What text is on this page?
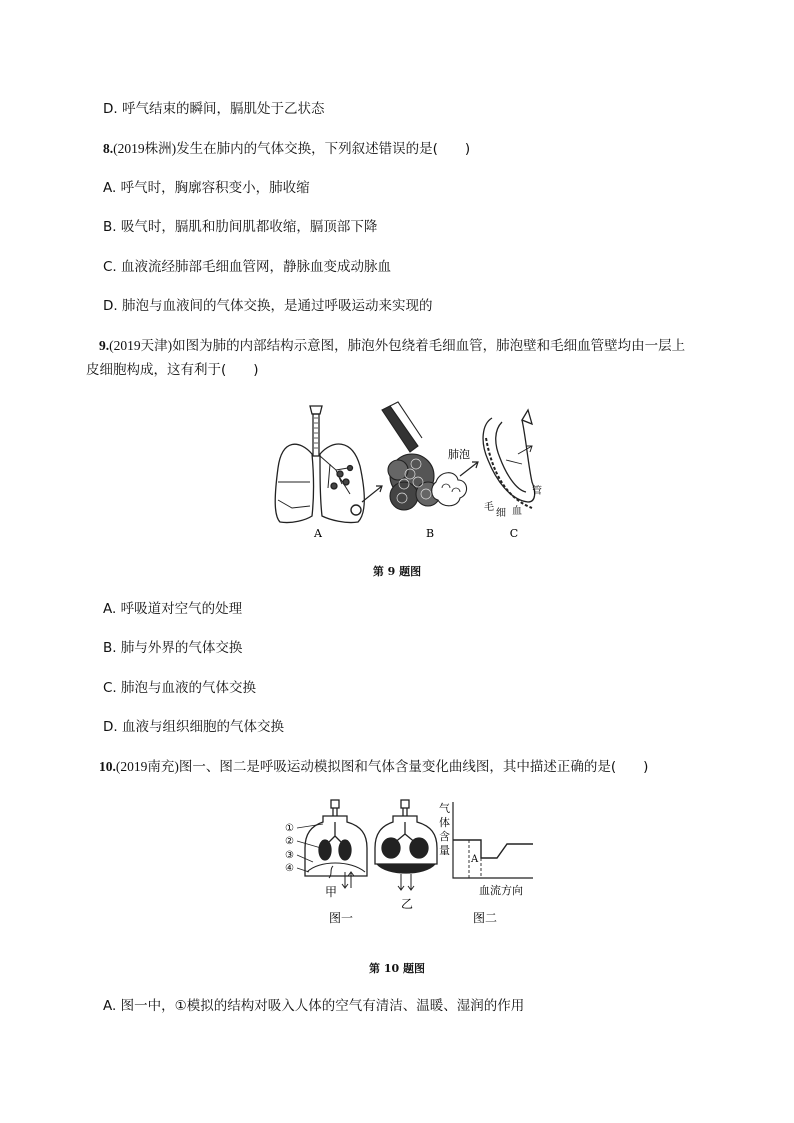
D. 呼气结束的瞬间，膈肌处于乙状态
8.(2019株洲)发生在肺内的气体交换，下列叙述错误的是(　　)
A. 呼气时，胸廓容积变小，肺收缩
B. 吸气时，膈肌和肋间肌都收缩，膈顶部下降
C. 血液流经肺部毛细血管网，静脉血变成动脉血
D. 肺泡与血液间的气体交换，是通过呼吸运动来实现的
9.(2019天津)如图为肺的内部结构示意图，肺泡外包绕着毛细血管，肺泡壁和毛细血管壁均由一层上
皮细胞构成，这有利于(　　)
A
肺泡
B
毛
细 血
管
C
第 9 题图
A. 呼吸道对空气的处理
B. 肺与外界的气体交换
C. 肺泡与血液的气体交换
D. 血液与组织细胞的气体交换
10.(2019南充)图一、图二是呼吸运动模拟图和气体含量变化曲线图，其中描述正确的是(　　)
①
②
③
④
甲
乙
气
体
含
量
A
血流方向
图一	图二
第 10 题图
A. 图一中，①模拟的结构对吸入人体的空气有清洁、温暖、湿润的作用
